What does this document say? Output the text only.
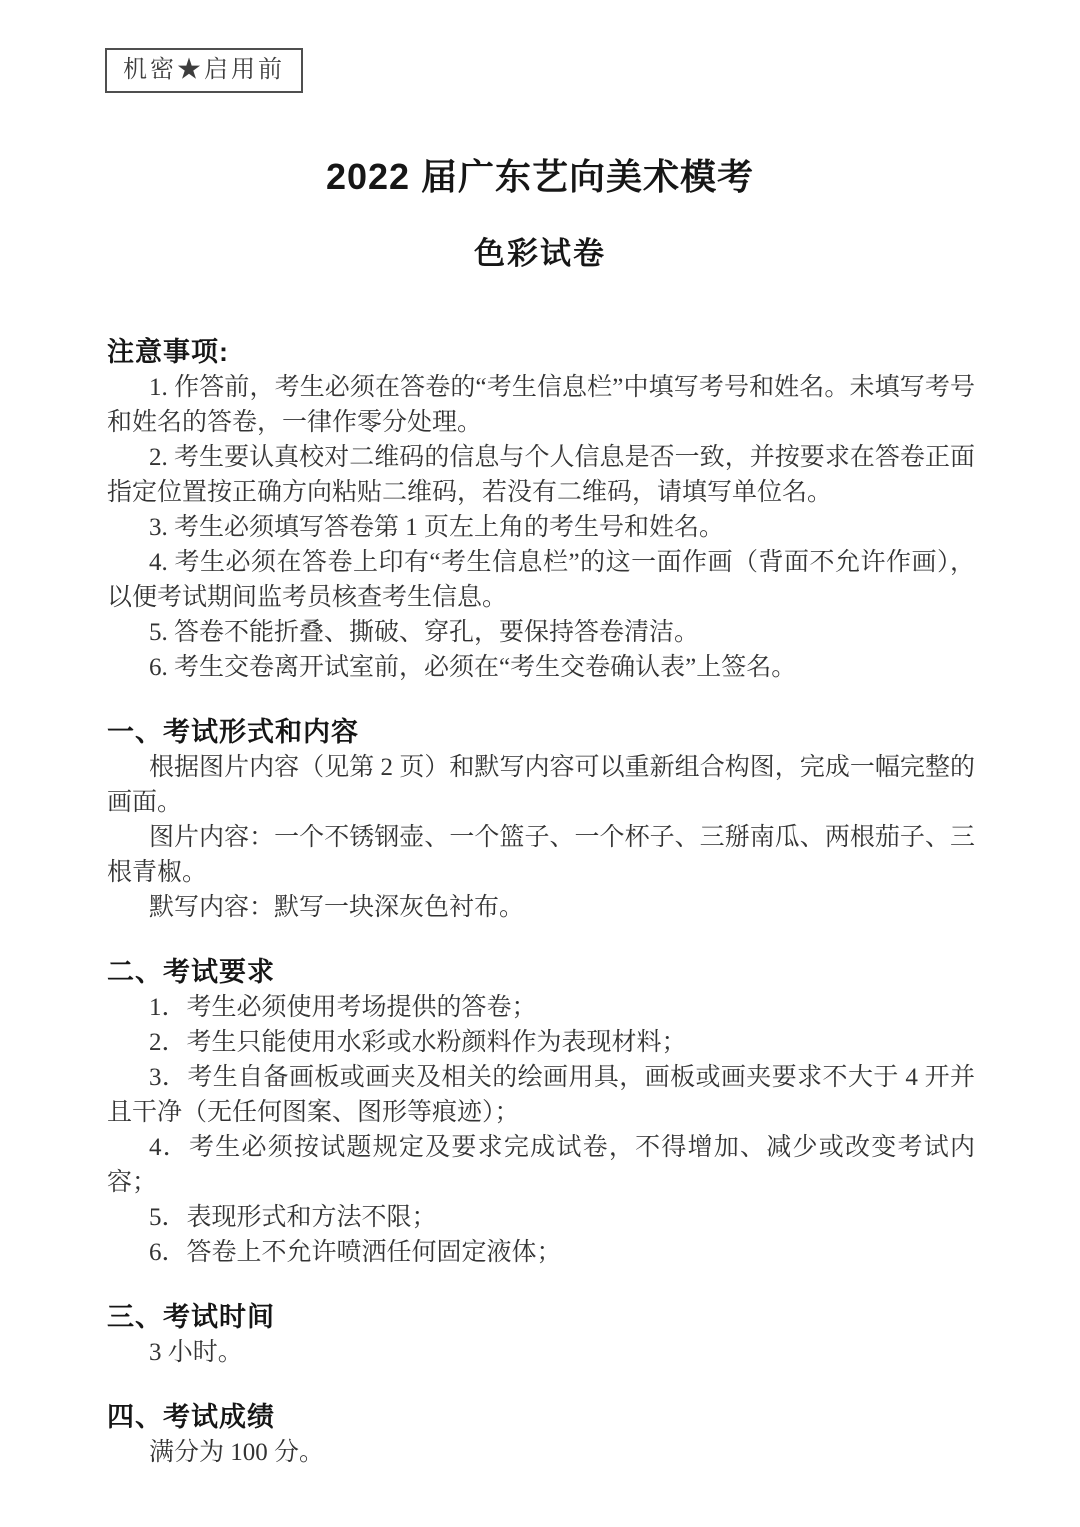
机密★启用前
2022 届广东艺向美术模考
色彩试卷
注意事项:

1. 作答前，考生必须在答卷的“考生信息栏”中填写考号和姓名。未填写考号和姓名的答卷，一律作零分处理。

2. 考生要认真校对二维码的信息与个人信息是否一致，并按要求在答卷正面指定位置按正确方向粘贴二维码，若没有二维码，请填写单位名。

3. 考生必须填写答卷第 1 页左上角的考生号和姓名。

4. 考生必须在答卷上印有“考生信息栏”的这一面作画（背面不允许作画），以便考试期间监考员核查考生信息。

5. 答卷不能折叠、撕破、穿孔，要保持答卷清洁。

6. 考生交卷离开试室前，必须在“考生交卷确认表”上签名。

一、考试形式和内容

根据图片内容（见第 2 页）和默写内容可以重新组合构图，完成一幅完整的画面。

图片内容：一个不锈钢壶、一个篮子、一个杯子、三掰南瓜、两根茄子、三根青椒。

默写内容：默写一块深灰色衬布。

二、考试要求

1．考生必须使用考场提供的答卷；

2．考生只能使用水彩或水粉颜料作为表现材料；

3．考生自备画板或画夹及相关的绘画用具，画板或画夹要求不大于 4 开并且干净（无任何图案、图形等痕迹）；

4．考生必须按试题规定及要求完成试卷，不得增加、减少或改变考试内容；

5．表现形式和方法不限；

6．答卷上不允许喷洒任何固定液体；

三、考试时间

3 小时。

四、考试成绩

满分为 100 分。
